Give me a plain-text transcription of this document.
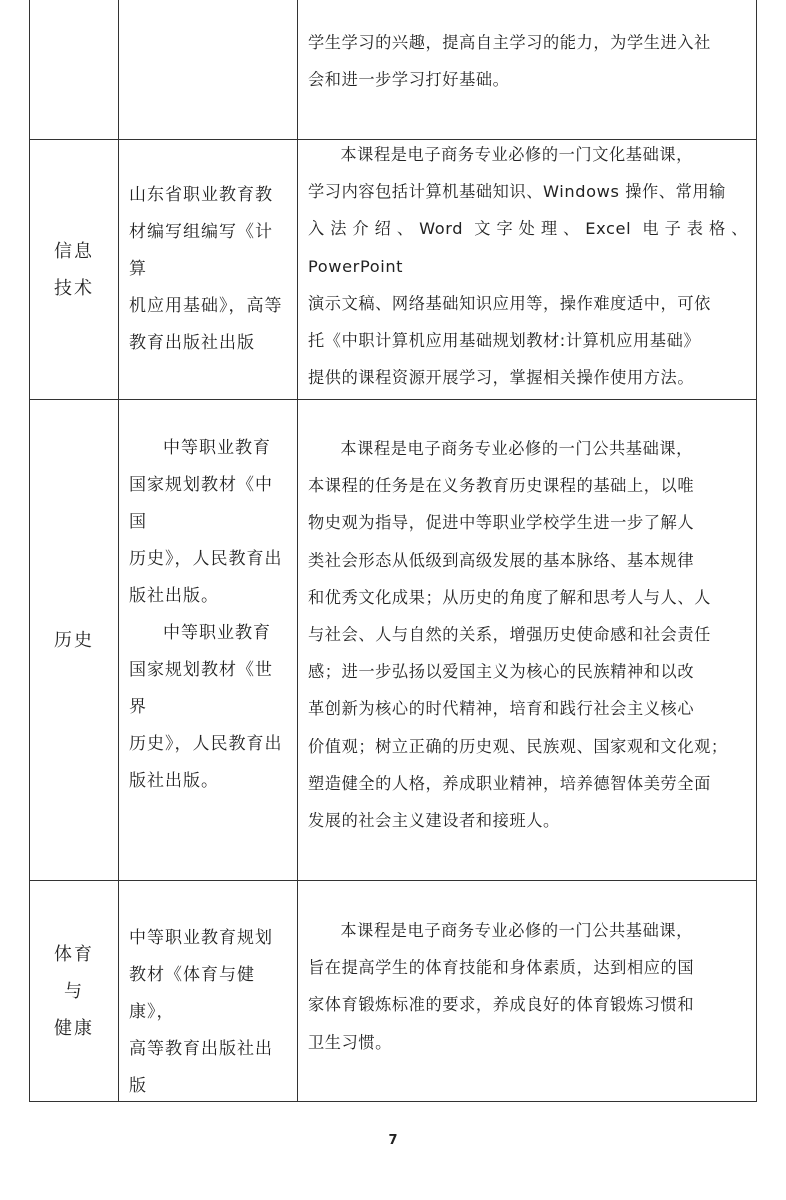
学生学习的兴趣，提高自主学习的能力，为学生进入社

会和进一步学习打好基础。

信息
技术

山东省职业教育教

材编写组编写《计算

机应用基础》，高等

教育出版社出版

本课程是电子商务专业必修的一门文化基础课，

学习内容包括计算机基础知识、Windows 操作、常用输

入法介绍、Word 文字处理、Excel 电子表格、PowerPoint

演示文稿、网络基础知识应用等，操作难度适中，可依

托《中职计算机应用基础规划教材:计算机应用基础》

提供的课程资源开展学习，掌握相关操作使用方法。

历史

中等职业教育

国家规划教材《中国

历史》，人民教育出

版社出版。

中等职业教育

国家规划教材《世界

历史》，人民教育出

版社出版。

本课程是电子商务专业必修的一门公共基础课，

本课程的任务是在义务教育历史课程的基础上，以唯

物史观为指导，促进中等职业学校学生进一步了解人

类社会形态从低级到高级发展的基本脉络、基本规律

和优秀文化成果；从历史的角度了解和思考人与人、人

与社会、人与自然的关系，增强历史使命感和社会责任

感；进一步弘扬以爱国主义为核心的民族精神和以改

革创新为核心的时代精神，培育和践行社会主义核心

价值观；树立正确的历史观、民族观、国家观和文化观；

塑造健全的人格，养成职业精神，培养德智体美劳全面

发展的社会主义建设者和接班人。

体育
与
健康

中等职业教育规划

教材《体育与健康》，

高等教育出版社出

版

本课程是电子商务专业必修的一门公共基础课，

旨在提高学生的体育技能和身体素质，达到相应的国

家体育锻炼标准的要求，养成良好的体育锻炼习惯和

卫生习惯。

7
